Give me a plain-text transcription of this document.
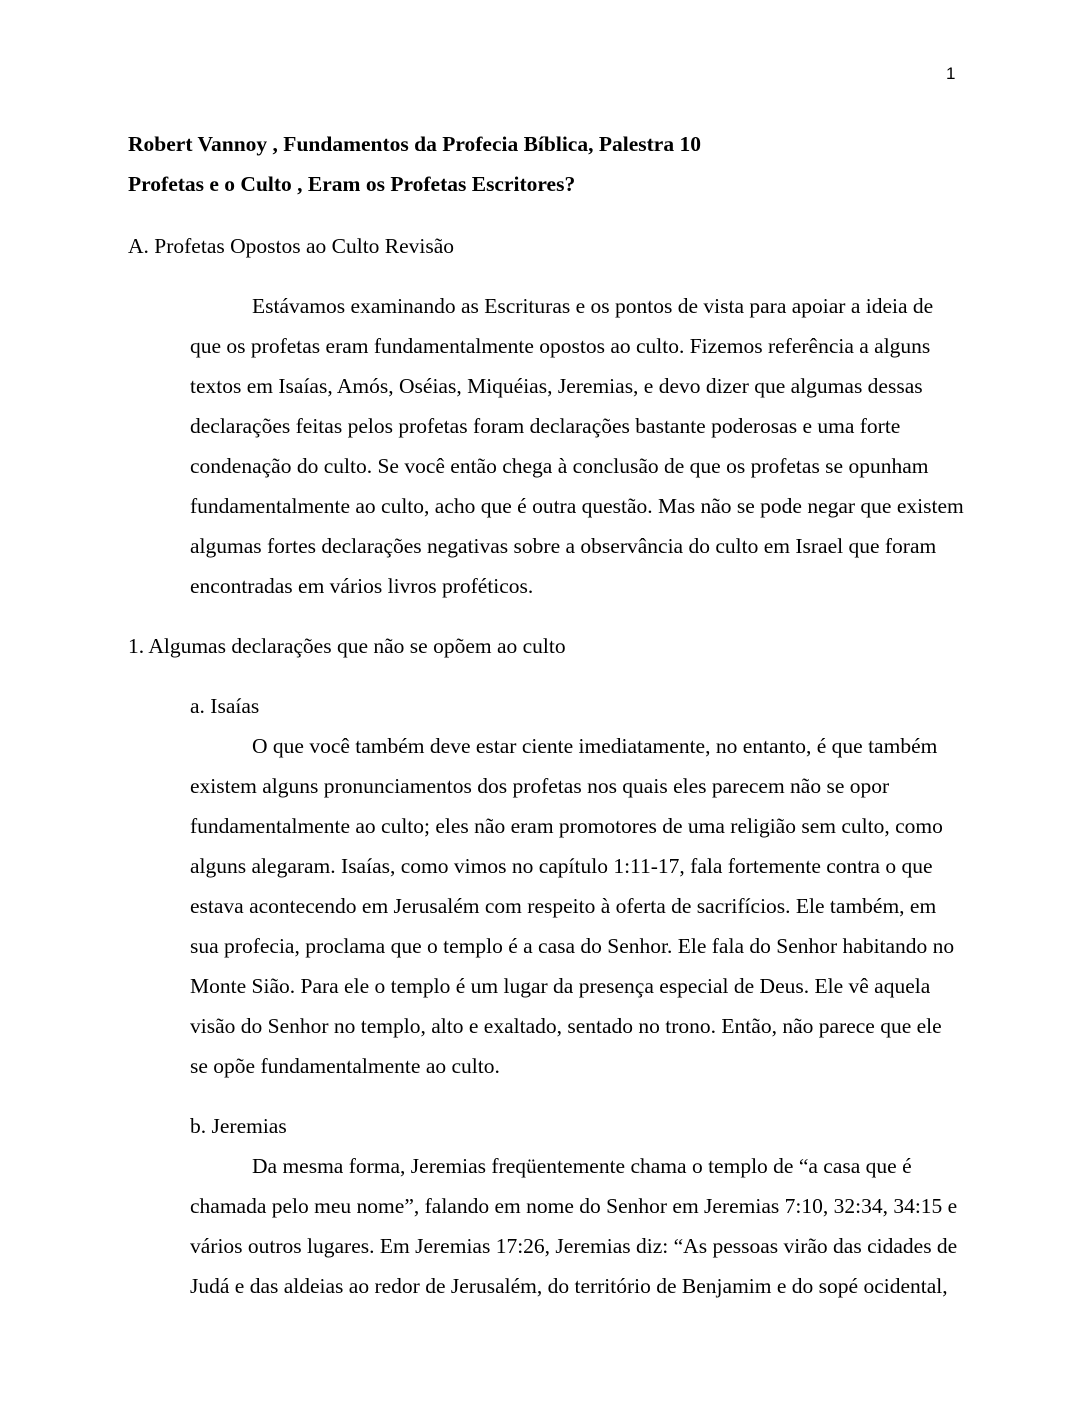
1

Robert Vannoy , Fundamentos da Profecia Bíblica, Palestra 10

Profetas e o Culto , Eram os Profetas Escritores?

A. Profetas Opostos ao Culto Revisão

Estávamos examinando as Escrituras e os pontos de vista para apoiar a ideia de
que os profetas eram fundamentalmente opostos ao culto. Fizemos referência a alguns
textos em Isaías, Amós, Oséias, Miquéias, Jeremias, e devo dizer que algumas dessas
declarações feitas pelos profetas foram declarações bastante poderosas e uma forte
condenação do culto. Se você então chega à conclusão de que os profetas se opunham
fundamentalmente ao culto, acho que é outra questão. Mas não se pode negar que existem
algumas fortes declarações negativas sobre a observância do culto em Israel que foram
encontradas em vários livros proféticos.

1. Algumas declarações que não se opõem ao culto

a. Isaías

O que você também deve estar ciente imediatamente, no entanto, é que também
existem alguns pronunciamentos dos profetas nos quais eles parecem não se opor
fundamentalmente ao culto; eles não eram promotores de uma religião sem culto, como
alguns alegaram. Isaías, como vimos no capítulo 1:11-17, fala fortemente contra o que
estava acontecendo em Jerusalém com respeito à oferta de sacrifícios. Ele também, em
sua profecia, proclama que o templo é a casa do Senhor. Ele fala do Senhor habitando no
Monte Sião. Para ele o templo é um lugar da presença especial de Deus. Ele vê aquela
visão do Senhor no templo, alto e exaltado, sentado no trono. Então, não parece que ele
se opõe fundamentalmente ao culto.

b. Jeremias

Da mesma forma, Jeremias freqüentemente chama o templo de “a casa que é
chamada pelo meu nome”, falando em nome do Senhor em Jeremias 7:10, 32:34, 34:15 e
vários outros lugares. Em Jeremias 17:26, Jeremias diz: “As pessoas virão das cidades de
Judá e das aldeias ao redor de Jerusalém, do território de Benjamim e do sopé ocidental,
